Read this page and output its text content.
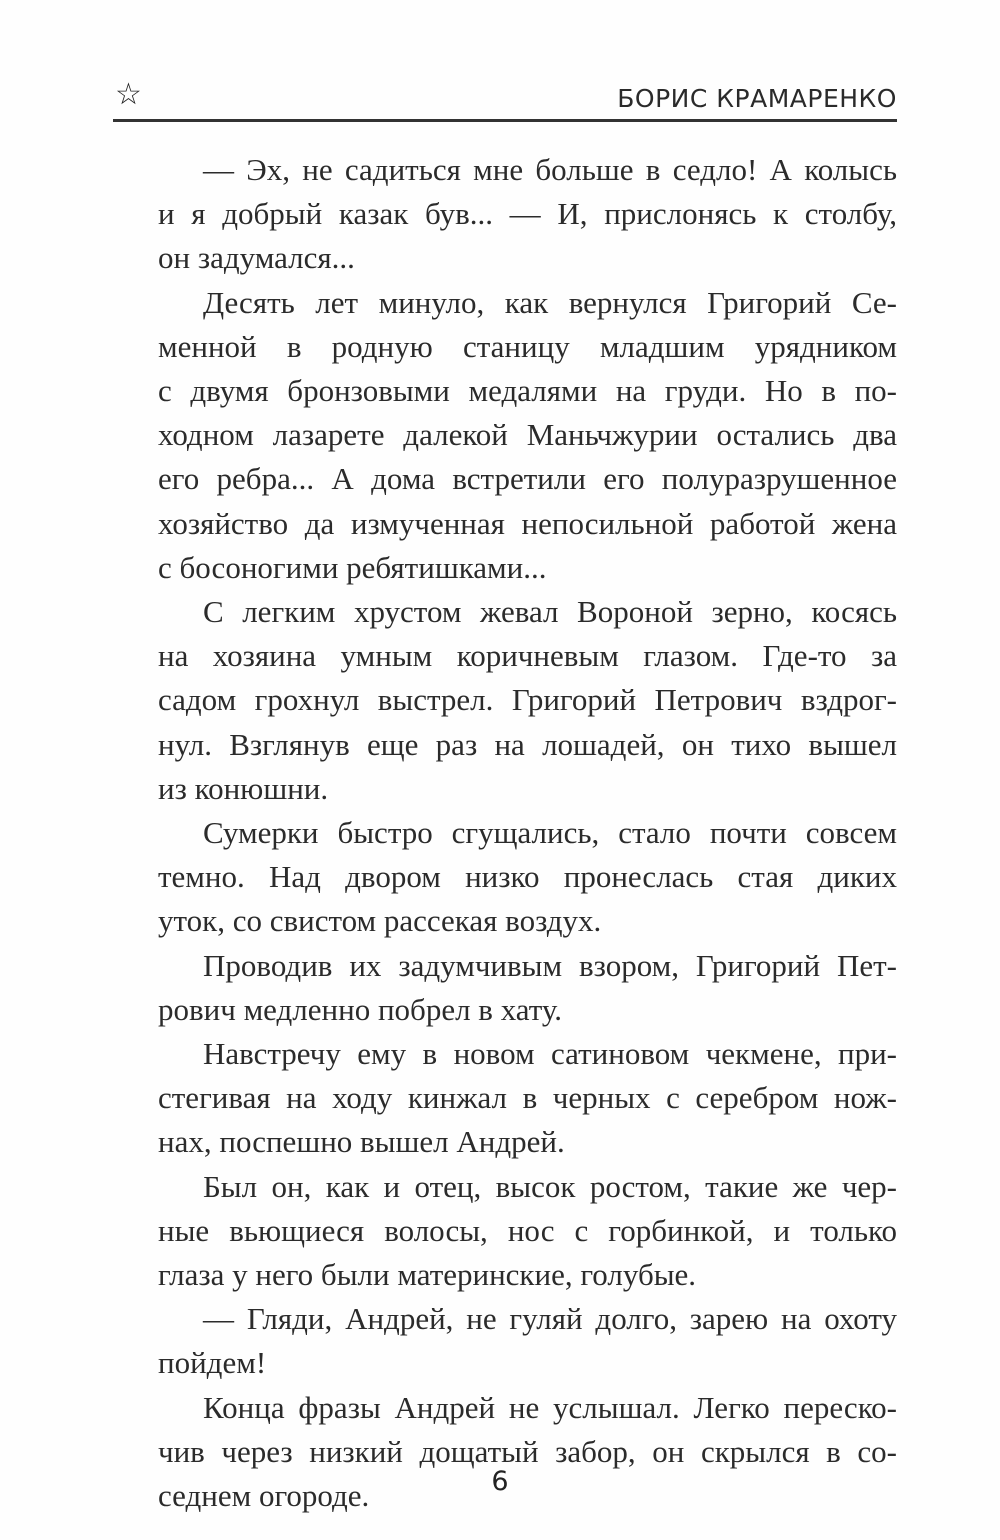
☆	БОРИС КРАМАРЕНКО
— Эх, не садиться мне больше в седло! А колысь
и я добрый казак був... — И, прислонясь к столбу,
он задумался...
Десять лет минуло, как вернулся Григорий Се-
менной в родную станицу младшим урядником
с двумя бронзовыми медалями на груди. Но в по-
ходном лазарете далекой Маньчжурии остались два
его ребра... А дома встретили его полуразрушенное
хозяйство да измученная непосильной работой жена
с босоногими ребятишками...
С легким хрустом жевал Вороной зерно, косясь
на хозяина умным коричневым глазом. Где-то за
садом грохнул выстрел. Григорий Петрович вздрог-
нул. Взглянув еще раз на лошадей, он тихо вышел
из конюшни.
Сумерки быстро сгущались, стало почти совсем
темно. Над двором низко пронеслась стая диких
уток, со свистом рассекая воздух.
Проводив их задумчивым взором, Григорий Пет-
рович медленно побрел в хату.
Навстречу ему в новом сатиновом чекмене, при-
стегивая на ходу кинжал в черных с серебром нож-
нах, поспешно вышел Андрей.
Был он, как и отец, высок ростом, такие же чер-
ные вьющиеся волосы, нос с горбинкой, и только
глаза у него были материнские, голубые.
— Гляди, Андрей, не гуляй долго, зарею на охоту
пойдем!
Конца фразы Андрей не услышал. Легко переско-
чив через низкий дощатый забор, он скрылся в со-
седнем огороде.	6
